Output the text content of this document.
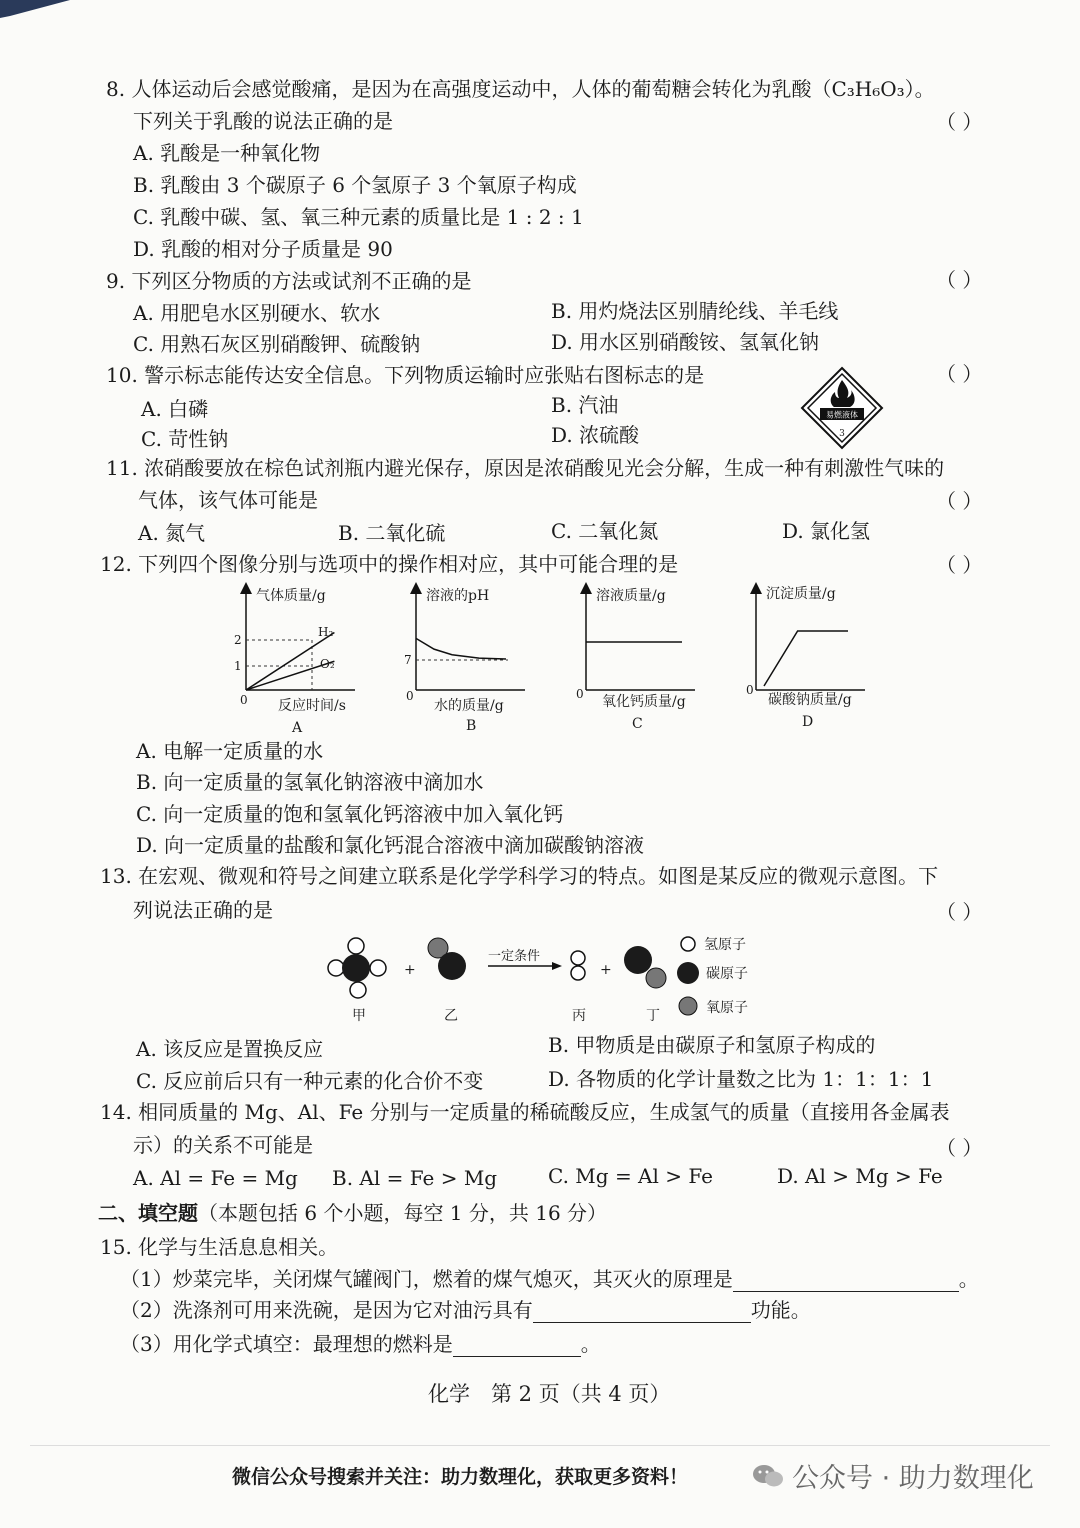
8. 人体运动后会感觉酸痛，是因为在高强度运动中，人体的葡萄糖会转化为乳酸（C₃H₆O₃）。
下列关于乳酸的说法正确的是	（ ）
A. 乳酸是一种氧化物
B. 乳酸由 3 个碳原子 6 个氢原子 3 个氧原子构成
C. 乳酸中碳、氢、氧三种元素的质量比是 1 : 2 : 1
D. 乳酸的相对分子质量是 90
9. 下列区分物质的方法或试剂不正确的是	（ ）
A. 用肥皂水区别硬水、软水	B. 用灼烧法区别腈纶线、羊毛线
C. 用熟石灰区别硝酸钾、硫酸钠	D. 用水区别硝酸铵、氢氧化钠
10. 警示标志能传达安全信息。下列物质运输时应张贴右图标志的是	（ ）
A. 白磷	B. 汽油
C. 苛性钠	D. 浓硫酸
易燃液体
3
11. 浓硝酸要放在棕色试剂瓶内避光保存，原因是浓硝酸见光会分解，生成一种有刺激性气味的
气体，该气体可能是	（ ）
A. 氮气	B. 二氧化硫	C. 二氧化氮	D. 氯化氢
12. 下列四个图像分别与选项中的操作相对应，其中可能合理的是	（ ）
气体质量/g
0
2
1
H₂
O₂
反应时间/s
A
溶液的pH
0
7
水的质量/g
B
溶液质量/g
0 氧化钙质量/g
C
沉淀质量/g
0
碳酸钠质量/g
D
A. 电解一定质量的水
B. 向一定质量的氢氧化钠溶液中滴加水
C. 向一定质量的饱和氢氧化钙溶液中加入氧化钙
D. 向一定质量的盐酸和氯化钙混合溶液中滴加碳酸钠溶液
13. 在宏观、微观和符号之间建立联系是化学学科学习的特点。如图是某反应的微观示意图。下
列说法正确的是	（ ）
+
一定条件
+
甲	乙	丙	丁
氢原子
碳原子
氧原子
A. 该反应是置换反应	B. 甲物质是由碳原子和氢原子构成的
C. 反应前后只有一种元素的化合价不变	D. 各物质的化学计量数之比为 1：1：1：1
14. 相同质量的 Mg、Al、Fe 分别与一定质量的稀硫酸反应，生成氢气的质量（直接用各金属表
示）的关系不可能是	（ ）
A. Al = Fe = Mg B. Al = Fe > Mg	C. Mg = Al > Fe	D. Al > Mg > Fe
二、填空题（本题包括 6 个小题，每空 1 分，共 16 分）
15. 化学与生活息息相关。
（1）炒菜完毕，关闭煤气罐阀门，燃着的煤气熄灭，其灭火的原理是	。
（2）洗涤剂可用来洗碗，是因为它对油污具有	功能。
（3）用化学式填空：最理想的燃料是	。
化学　第 2 页（共 4 页）
微信公众号搜索并关注：助力数理化，获取更多资料！	公众号 · 助力数理化
